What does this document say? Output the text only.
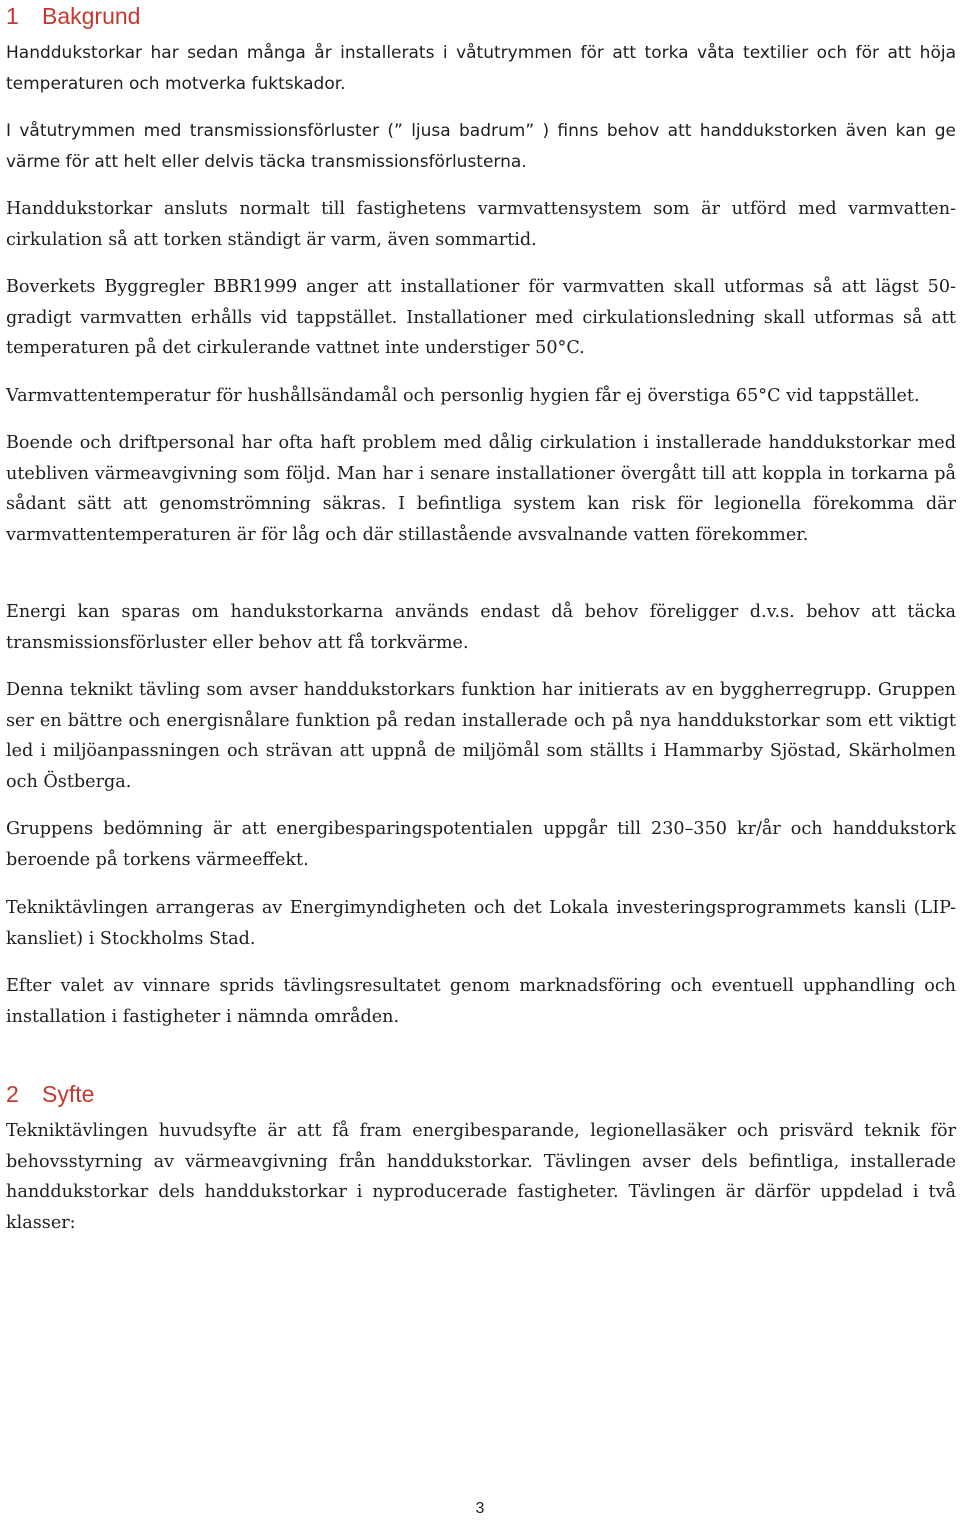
1 Bakgrund

Handdukstorkar har sedan många år installerats i våtutrymmen för att torka våta textilier och för att höja temperaturen och motverka fuktskador.

I våtutrymmen med transmissionsförluster (” ljusa badrum” ) finns behov att handdukstorken även kan ge värme för att helt eller delvis täcka transmissionsförlusterna.

Handdukstorkar ansluts normalt till fastighetens varmvattensystem som är utförd med varmvatten-cirkulation så att torken ständigt är varm, även sommartid.

Boverkets Byggregler BBR1999 anger att installationer för varmvatten skall utformas så att lägst 50-gradigt varmvatten erhålls vid tappstället. Installationer med cirkulationsledning skall utformas så att temperaturen på det cirkulerande vattnet inte understiger 50°C.

Varmvattentemperatur för hushållsändamål och personlig hygien får ej överstiga 65°C vid tappstället.

Boende och driftpersonal har ofta haft problem med dålig cirkulation i installerade handdukstorkar med utebliven värmeavgivning som följd. Man har i senare installationer övergått till att koppla in torkarna på sådant sätt att genomströmning säkras. I befintliga system kan risk för legionella förekomma där varmvattentemperaturen är för låg och där stillastående avsvalnande vatten förekommer.

Energi kan sparas om handukstorkarna används endast då behov föreligger d.v.s. behov att täcka transmissionsförluster eller behov att få torkvärme.

Denna teknikt tävling som avser handdukstorkars funktion har initierats av en byggherregrupp. Gruppen ser en bättre och energisnålare funktion på redan installerade och på nya handdukstorkar som ett viktigt led i miljöanpassningen och strävan att uppnå de miljömål som ställts i Hammarby Sjöstad, Skärholmen och Östberga.

Gruppens bedömning är att energibesparingspotentialen uppgår till 230–350 kr/år och handdukstork beroende på torkens värmeeffekt.

Tekniktävlingen arrangeras av Energimyndigheten och det Lokala investeringsprogrammets kansli (LIP-kansliet) i Stockholms Stad.

Efter valet av vinnare sprids tävlingsresultatet genom marknadsföring och eventuell upphandling och installation i fastigheter i nämnda områden.

2 Syfte

Tekniktävlingen huvudsyfte är att få fram energibesparande, legionellasäker och prisvärd teknik för behovsstyrning av värmeavgivning från handdukstorkar. Tävlingen avser dels befintliga, installerade handdukstorkar dels handdukstorkar i nyproducerade fastigheter. Tävlingen är därför uppdelad i två klasser:

3
